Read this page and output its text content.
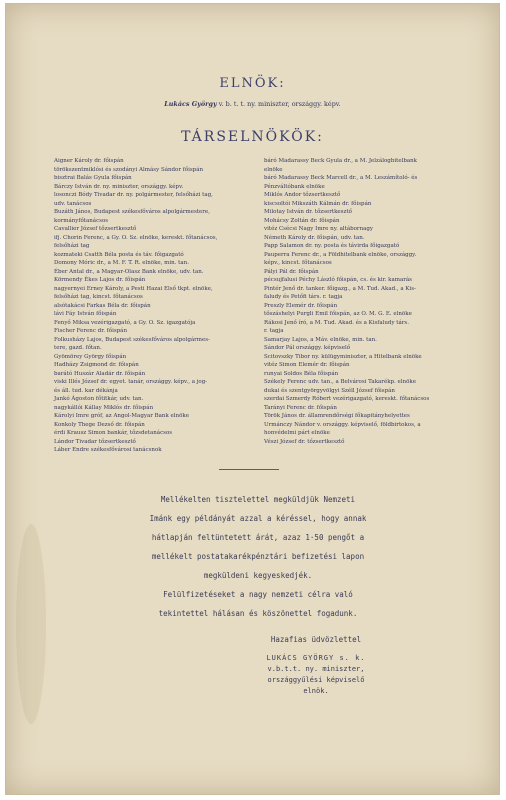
ELNÖK:
Lukács György v. b. t. t. ny. miniszter, országgy. képv.
TÁRSELNÖKÖK:
Aigner Károly dr. főispán
törökszentmiklósi és szodányi Almásy Sándor főispán
bisztrai Balás Gyula főispán
Bárczy István dr. ny. miniszter, országgy. képv.
losonczi Bódy Tivadar dr. ny. polgármester, felsőházi tag,
udv. tanácsos
Buzáth János, Budapest székesfőváros alpolgármestere,
kormányfőtanácsos
Cavallier József tőzsertkesztő
ifj. Chorin Ferenc, a Gy. O. Sz. elnöke, kereskt. főtanácsos,
felsőházi tag
kozmateki Csatth Béla posta és táv. főigazgató
Domony Móric dr., a M. F. T. R. elnöke, min. tan.
Éber Antal dr., a Magyar-Olasz Bank elnöke, udv. tan.
Körmendy Ékes Lajos dr. főispán
nagyernyei Erney Károly, a Pesti Hazai Első tkpt. elnöke,
felsőházi tag, kincst. főtanácsos
alsótakácsi Farkas Béla dr. főispán
lávi Fáy István főispán
Fenyő Miksa vezérigazgató, a Gy. O. Sz. igazgatója
Fischer Ferenc dr. főispán
Folkusházy Lajos, Budapest székesfőváros alpolgármes-
tere, gazd. főtan.
Gyömörey György főispán
Hadházy Zsigmond dr. főispán
barátó Huszár Aladár dr. főispán
viski Illés József dr. egyet. tanár, országgy. képv., a jog-
és áll. tud. kar dékánja
Jankó Ágoston főtitkár, udv. tan.
nagykállói Kállay Miklós dr. főispán
Károlyi Imre gróf, az Angol-Magyar Bank elnöke
Konkoly Thege Dezső dr. főispán
érdi Krausz Simon bankár, tőzsdetanácsos
Lándor Tivadar tőzsertkesztő
Láber Endre székesfővárosi tanácsnok
báró Madarassy Beck Gyula dr., a M. Jelzálogbitelbank
elnöke
báró Madarassy Beck Marcell dr., a M. Leszámítoló- és
Pénzváltóbank elnöke
Miklós Andor tőzsertkesztő
kiscsoltói Mikszáth Kálmán dr. főispán
Milotay István dr. tőzsertkesztő
Mohácsy Zoltán dr. főispán
vitéz Csécsi Nagy Imre ny. altábornagy
Németh Károly dr. főispán, udv. tan.
Papp Salamon dr. ny. posta és távirda főigazgató
Pauperra Ferenc dr., a Földhitelbank elnöke, országgy.
képv., kincst. főtanácsos
Pályi Pál dr. főispán
pécsujfalusi Péchy László főispán, cs. és kir. kamarás
Pintér Jenő dr. tanker. főigazg., a M. Tud. Akad., a Kis-
faludy és Petőfi társ. r. tagja
Preszly Elemér dr. főispán
tőszáshelyi Purgli Emil főispán, az O. M. G. E. elnöke
Rákosi Jenő író, a M. Tud. Akad. és a Kisfaludy társ.
r. tagja
Samarjay Lajos, a Máv. elnöke, min. tan.
Sándor Pál országgy. képviselő
Scitovszky Tibor ny. külügyminiszter, a Hitelbank elnöke
vitéz Simon Elemér dr. főispán
runyai Soldos Béla főispán
Székely Ferenc udv. tan., a Belvárosi Takarékp. elnöke
dukai és szentgyörgyvölgyi Széll József főispán
szerdai Szmerdy Róbert vezérigazgató, kereskt. főtanácsos
Tarányi Ferenc dr. főispán
Török János dr. államrendőrségi főkapitányhelyettes
Urmánczy Nándor v. országgy. képviselő, földbirtokos, a
honvédelmi párt elnöke
Vészi József dr. tőzsertkesztő
Mellékelten tisztelettel megküldjük Nemzeti
Imánk egy példányát azzal a kéréssel, hogy annak
hátlapján feltüntetett árát, azaz 1·50 pengőt a
mellékelt postatakarékpénztári befizetési lapon
megküldeni kegyeskedjék.
Felülfizetéseket a nagy nemzeti célra való
tekintettel hálásan és köszönettel fogadunk.
Hazafias üdvözlettel
LUKÁCS GYÖRGY s. k.
v.b.t.t. ny. miniszter,
országgyűlési képviselő
elnök.
